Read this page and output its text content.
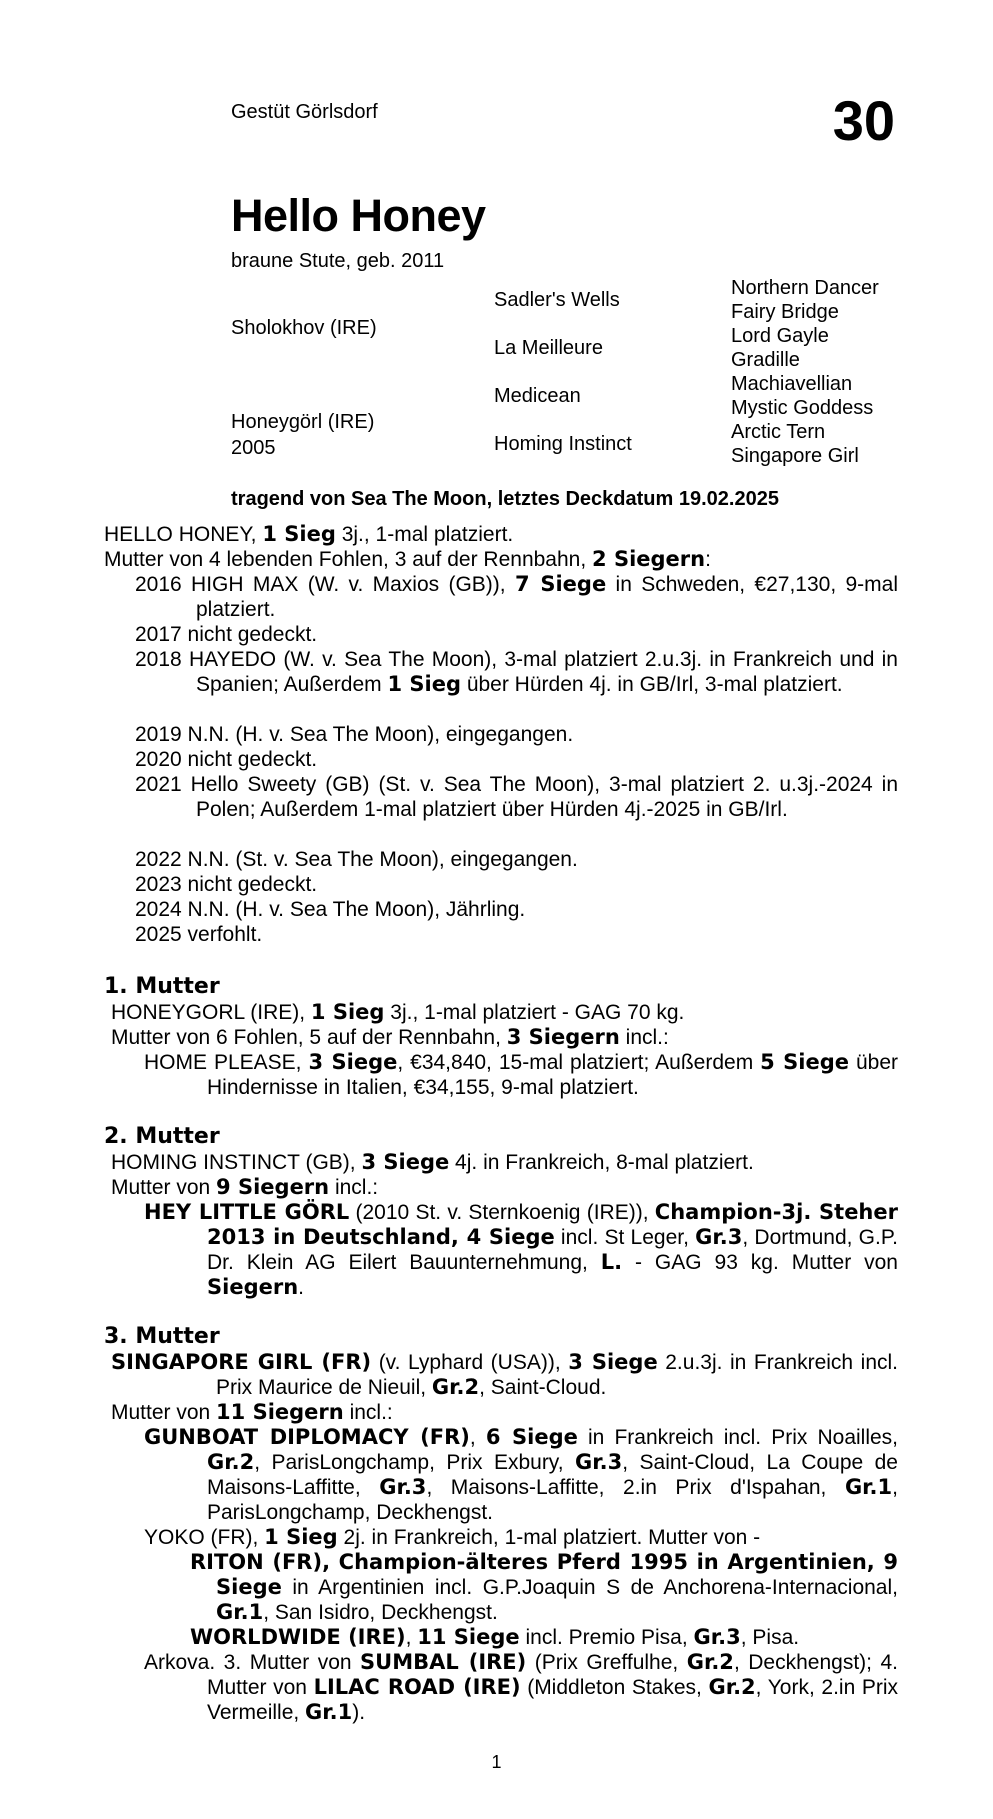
Gestüt Görlsdorf	30
Hello Honey
braune Stute, geb. 2011
Sholokhov (IRE)
Honeygörl (IRE)
2005
Sadler's Wells
La Meilleure
Medicean
Homing Instinct
Northern Dancer
Fairy Bridge
Lord Gayle
Gradille
Machiavellian
Mystic Goddess
Arctic Tern
Singapore Girl
tragend von Sea The Moon, letztes Deckdatum 19.02.2025
HELLO HONEY, 1 Sieg 3j., 1-mal platziert.
Mutter von 4 lebenden Fohlen, 3 auf der Rennbahn, 2 Siegern:
2016 HIGH MAX (W. v. Maxios (GB)), 7 Siege in Schweden, €27,130, 9-mal platziert.
2017 nicht gedeckt.
2018 HAYEDO (W. v. Sea The Moon), 3-mal platziert 2.u.3j. in Frankreich und in Spanien; Außerdem 1 Sieg über Hürden 4j. in GB/Irl, 3-mal platziert.
2019 N.N. (H. v. Sea The Moon), eingegangen.
2020 nicht gedeckt.
2021 Hello Sweety (GB) (St. v. Sea The Moon), 3-mal platziert 2. u.3j.-2024 in Polen; Außerdem 1-mal platziert über Hürden 4j.-2025 in GB/Irl.
2022 N.N. (St. v. Sea The Moon), eingegangen.
2023 nicht gedeckt.
2024 N.N. (H. v. Sea The Moon), Jährling.
2025 verfohlt.
1. Mutter
HONEYGORL (IRE), 1 Sieg 3j., 1-mal platziert - GAG 70 kg.
Mutter von 6 Fohlen, 5 auf der Rennbahn, 3 Siegern incl.:
HOME PLEASE, 3 Siege, €34,840, 15-mal platziert; Außerdem 5 Siege über Hindernisse in Italien, €34,155, 9-mal platziert.
2. Mutter
HOMING INSTINCT (GB), 3 Siege 4j. in Frankreich, 8-mal platziert.
Mutter von 9 Siegern incl.:
HEY LITTLE GÖRL (2010 St. v. Sternkoenig (IRE)), Champion-3j. Steher 2013 in Deutschland, 4 Siege incl. St Leger, Gr.3, Dortmund, G.P. Dr. Klein AG Eilert Bauunternehmung, L. - GAG 93 kg. Mutter von Siegern.
3. Mutter
SINGAPORE GIRL (FR) (v. Lyphard (USA)), 3 Siege 2.u.3j. in Frankreich incl. Prix Maurice de Nieuil, Gr.2, Saint-Cloud.
Mutter von 11 Siegern incl.:
GUNBOAT DIPLOMACY (FR), 6 Siege in Frankreich incl. Prix Noailles, Gr.2, ParisLongchamp, Prix Exbury, Gr.3, Saint-Cloud, La Coupe de Maisons-Laffitte, Gr.3, Maisons-Laffitte, 2.in Prix d'Ispahan, Gr.1, ParisLongchamp, Deckhengst.
YOKO (FR), 1 Sieg 2j. in Frankreich, 1-mal platziert. Mutter von -
RITON (FR), Champion-älteres Pferd 1995 in Argentinien, 9 Siege in Argentinien incl. G.P.Joaquin S de Anchorena-Internacional, Gr.1, San Isidro, Deckhengst.
WORLDWIDE (IRE), 11 Siege incl. Premio Pisa, Gr.3, Pisa.
Arkova. 3. Mutter von SUMBAL (IRE) (Prix Greffulhe, Gr.2, Deckhengst); 4. Mutter von LILAC ROAD (IRE) (Middleton Stakes, Gr.2, York, 2.in Prix Vermeille, Gr.1).
1
